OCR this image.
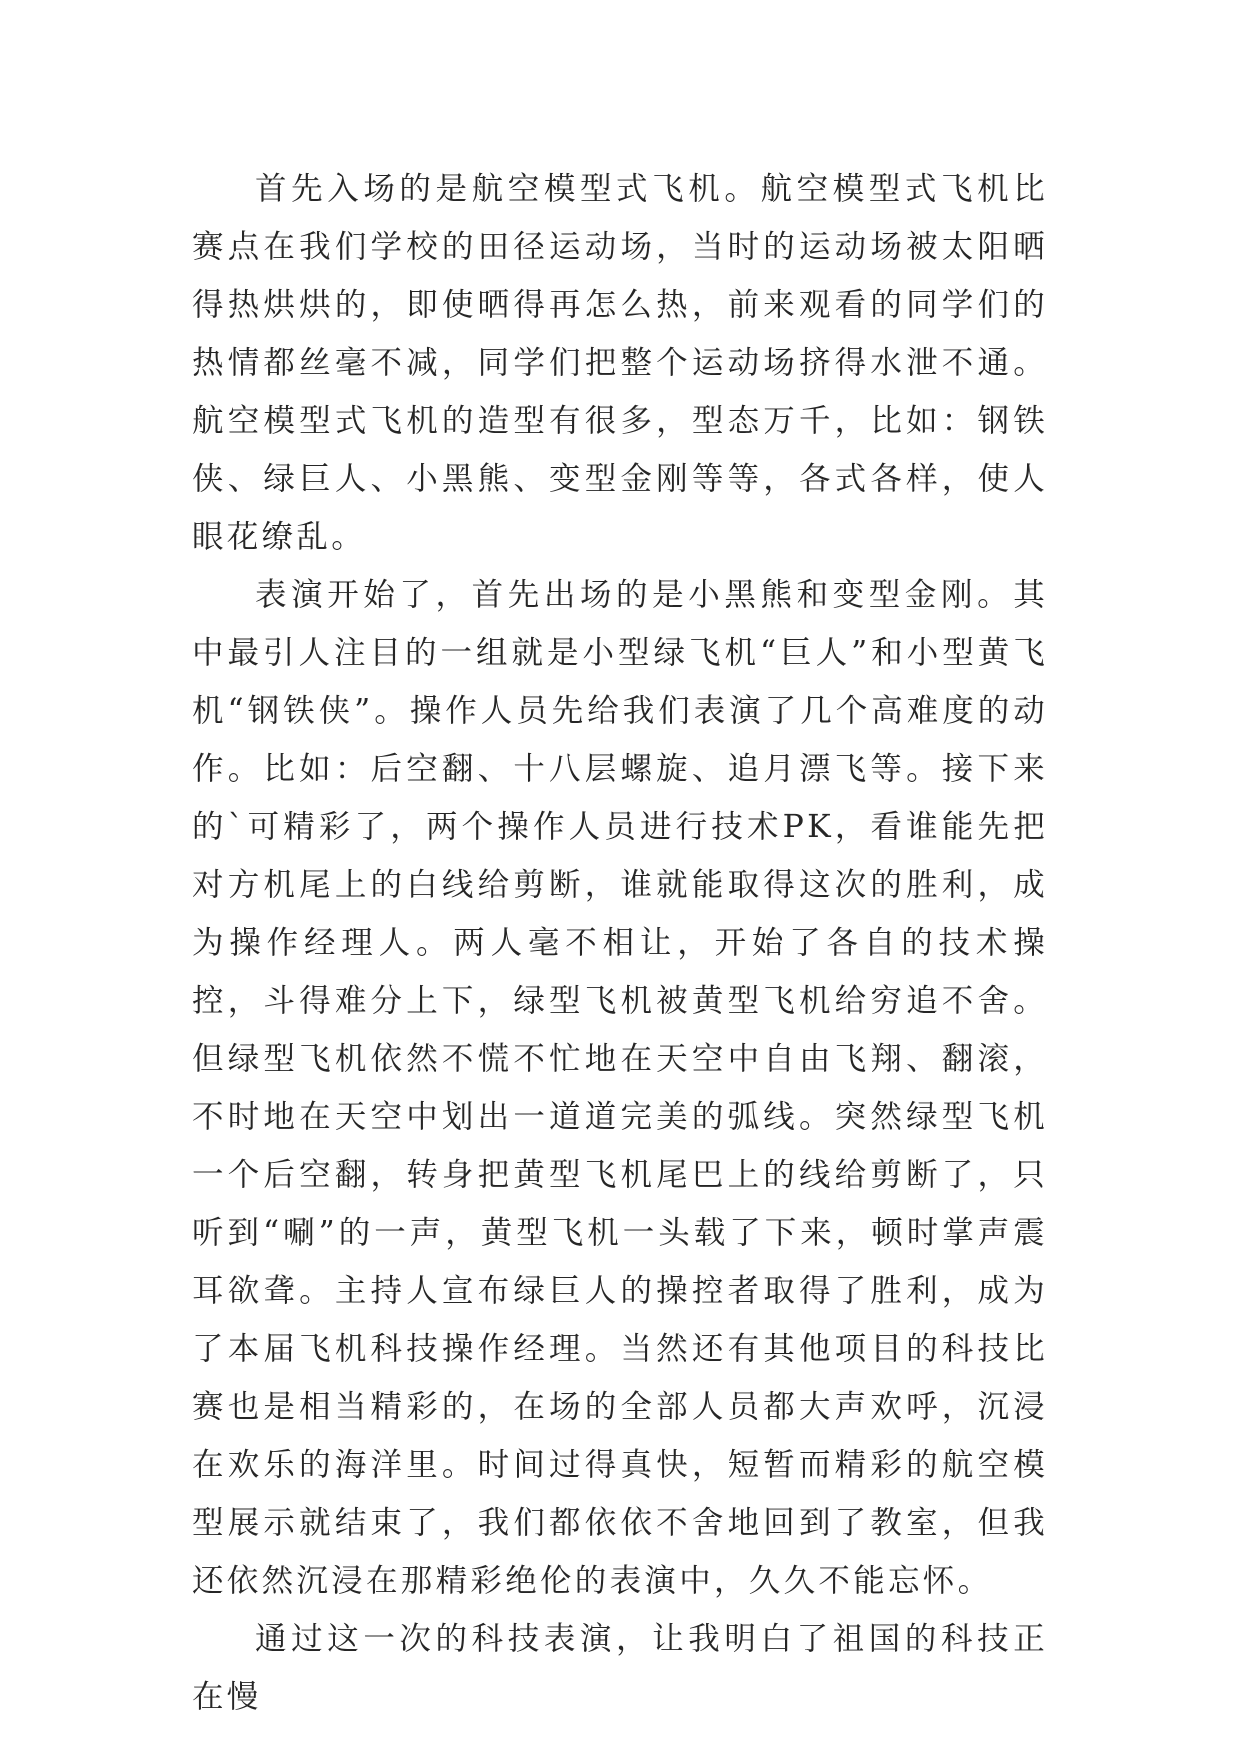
首先入场的是航空模型式飞机。航空模型式飞机比赛点在我们学校的田径运动场，当时的运动场被太阳晒得热烘烘的，即使晒得再怎么热，前来观看的同学们的热情都丝毫不减，同学们把整个运动场挤得水泄不通。航空模型式飞机的造型有很多，型态万千，比如：钢铁侠、绿巨人、小黑熊、变型金刚等等，各式各样，使人眼花缭乱。

表演开始了，首先出场的是小黑熊和变型金刚。其中最引人注目的一组就是小型绿飞机“巨人”和小型黄飞机“钢铁侠”。操作人员先给我们表演了几个高难度的动作。比如：后空翻、十八层螺旋、追月漂飞等。接下来的`可精彩了，两个操作人员进行技术PK，看谁能先把对方机尾上的白线给剪断，谁就能取得这次的胜利，成为操作经理人。两人毫不相让，开始了各自的技术操控，斗得难分上下，绿型飞机被黄型飞机给穷追不舍。但绿型飞机依然不慌不忙地在天空中自由飞翔、翻滚，不时地在天空中划出一道道完美的弧线。突然绿型飞机一个后空翻，转身把黄型飞机尾巴上的线给剪断了，只听到“唰”的一声，黄型飞机一头载了下来，顿时掌声震耳欲聋。主持人宣布绿巨人的操控者取得了胜利，成为了本届飞机科技操作经理。当然还有其他项目的科技比赛也是相当精彩的，在场的全部人员都大声欢呼，沉浸在欢乐的海洋里。时间过得真快，短暂而精彩的航空模型展示就结束了，我们都依依不舍地回到了教室，但我还依然沉浸在那精彩绝伦的表演中，久久不能忘怀。

通过这一次的科技表演，让我明白了祖国的科技正在慢
